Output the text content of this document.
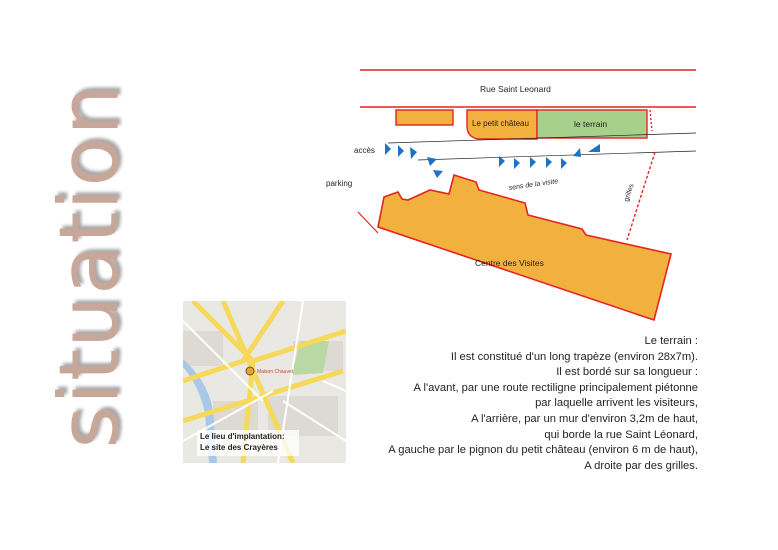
situation	Rue Saint Leonard
Le petit château	le terrain
grilles
accès
parking	sens de la visite
Centre des Visites
Maison Chauvet
Le lieu d'implantation:
Le site des Crayères
Le terrain :
Il est constitué d'un long trapèze (environ 28x7m).
Il est bordé sur sa longueur :
A l'avant, par une route rectiligne principalement piétonne
par laquelle arrivent les visiteurs,
A l'arrière, par un mur d'environ 3,2m de haut,
qui borde la rue Saint Léonard,
A gauche par le pignon du petit château (environ 6 m de haut),
A droite par des grilles.
